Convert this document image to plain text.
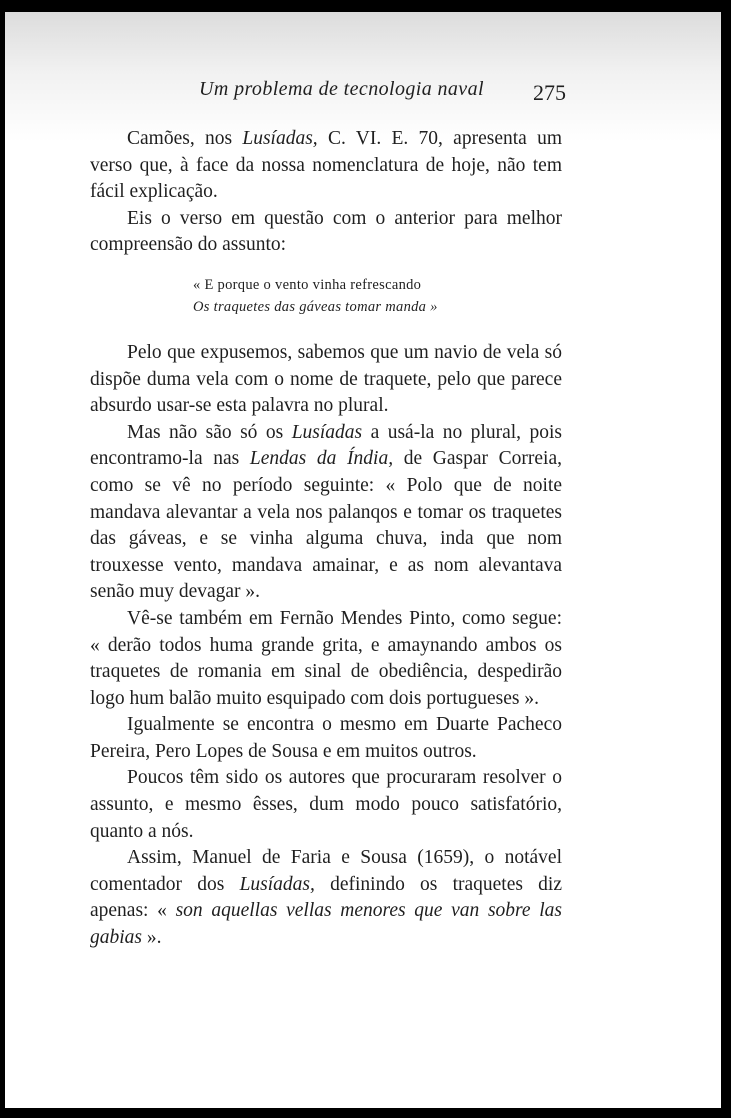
Um problema de tecnologia naval 275

Camões, nos Lusíadas, C. VI. E. 70, apresenta um verso que, à face da nossa nomenclatura de hoje, não tem fácil explicação.

Eis o verso em questão com o anterior para melhor compreensão do assunto:

« E porque o vento vinha refrescando
Os traquetes das gáveas tomar manda »

Pelo que expusemos, sabemos que um navio de vela só dispõe duma vela com o nome de traquete, pelo que parece absurdo usar-se esta palavra no plural.

Mas não são só os Lusíadas a usá-la no plural, pois encontramo-la nas Lendas da Índia, de Gaspar Correia, como se vê no período seguinte: « Polo que de noite mandava alevantar a vela nos palanqos e tomar os traquetes das gáveas, e se vinha alguma chuva, inda que nom trouxesse vento, mandava amainar, e as nom alevantava senão muy devagar ».

Vê-se também em Fernão Mendes Pinto, como segue: « derão todos huma grande grita, e amaynando ambos os traquetes de romania em sinal de obediência, despedirão logo hum balão muito esquipado com dois portugueses ».

Igualmente se encontra o mesmo em Duarte Pacheco Pereira, Pero Lopes de Sousa e em muitos outros.

Poucos têm sido os autores que procuraram resolver o assunto, e mesmo êsses, dum modo pouco satisfatório, quanto a nós.

Assim, Manuel de Faria e Sousa (1659), o notável comentador dos Lusíadas, definindo os traquetes diz apenas: « son aquellas vellas menores que van sobre las gabias ».
